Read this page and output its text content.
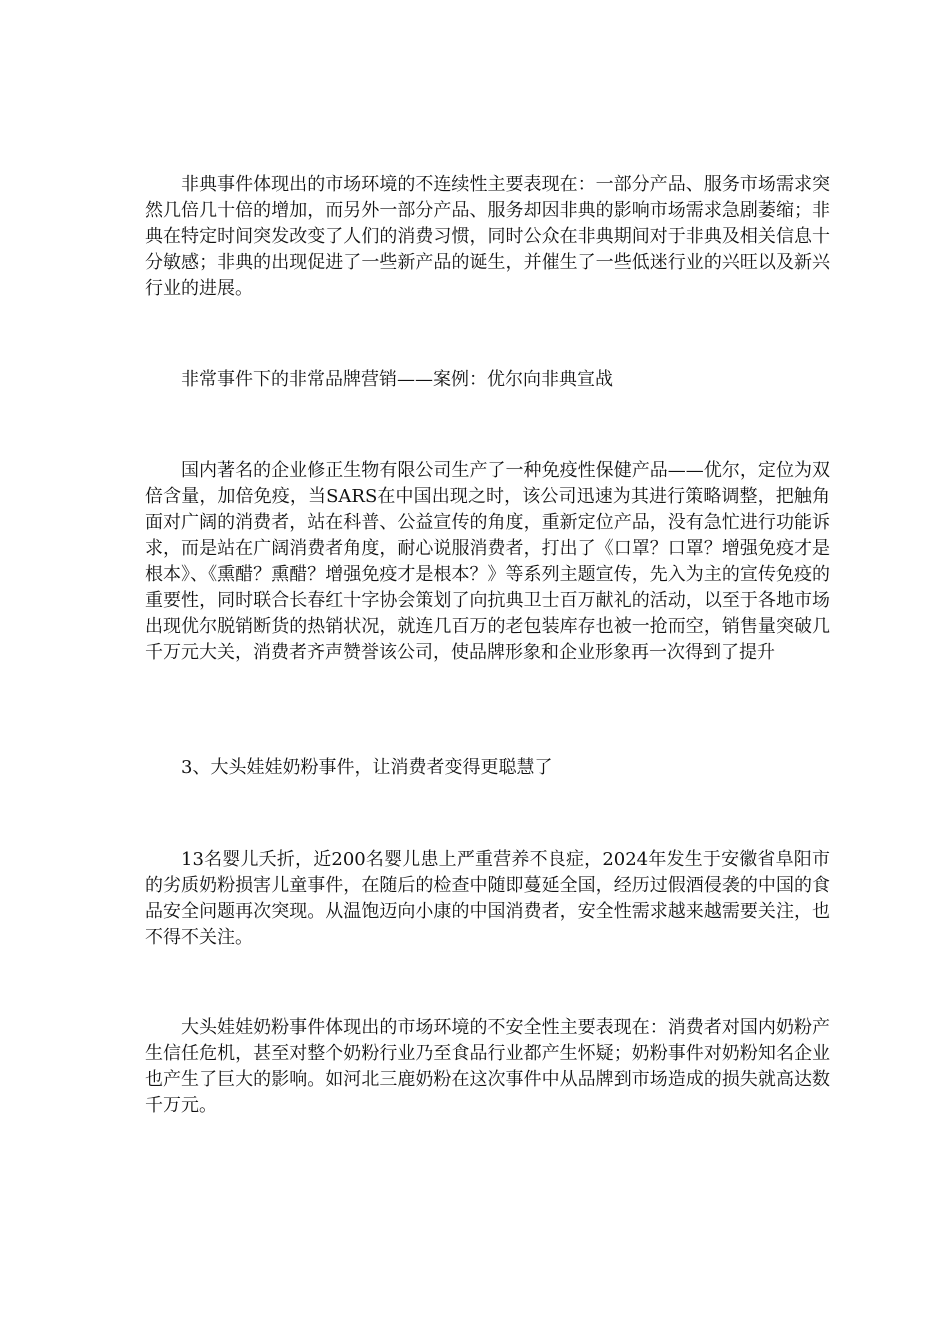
非典事件体现出的市场环境的不连续性主要表现在：一部分产品、服务市场需求突然几倍几十倍的增加，而另外一部分产品、服务却因非典的影响市场需求急剧萎缩；非典在特定时间突发改变了人们的消费习惯，同时公众在非典期间对于非典及相关信息十分敏感；非典的出现促进了一些新产品的诞生，并催生了一些低迷行业的兴旺以及新兴行业的进展。

非常事件下的非常品牌营销——案例：优尔向非典宣战

国内著名的企业修正生物有限公司生产了一种免疫性保健产品——优尔，定位为双倍含量，加倍免疫，当SARS在中国出现之时，该公司迅速为其进行策略调整，把触角面对广阔的消费者，站在科普、公益宣传的角度，重新定位产品，没有急忙进行功能诉求，而是站在广阔消费者角度，耐心说服消费者，打出了《口罩？口罩？增强免疫才是根本》、《熏醋？熏醋？增强免疫才是根本？》等系列主题宣传，先入为主的宣传免疫的重要性，同时联合长春红十字协会策划了向抗典卫士百万献礼的活动，以至于各地市场出现优尔脱销断货的热销状况，就连几百万的老包装库存也被一抢而空，销售量突破几千万元大关，消费者齐声赞誉该公司，使品牌形象和企业形象再一次得到了提升

3、大头娃娃奶粉事件，让消费者变得更聪慧了

13名婴儿夭折，近200名婴儿患上严重营养不良症，2024年发生于安徽省阜阳市的劣质奶粉损害儿童事件，在随后的检查中随即蔓延全国，经历过假酒侵袭的中国的食品安全问题再次突现。从温饱迈向小康的中国消费者，安全性需求越来越需要关注，也不得不关注。

大头娃娃奶粉事件体现出的市场环境的不安全性主要表现在：消费者对国内奶粉产生信任危机，甚至对整个奶粉行业乃至食品行业都产生怀疑；奶粉事件对奶粉知名企业也产生了巨大的影响。如河北三鹿奶粉在这次事件中从品牌到市场造成的损失就高达数千万元。
